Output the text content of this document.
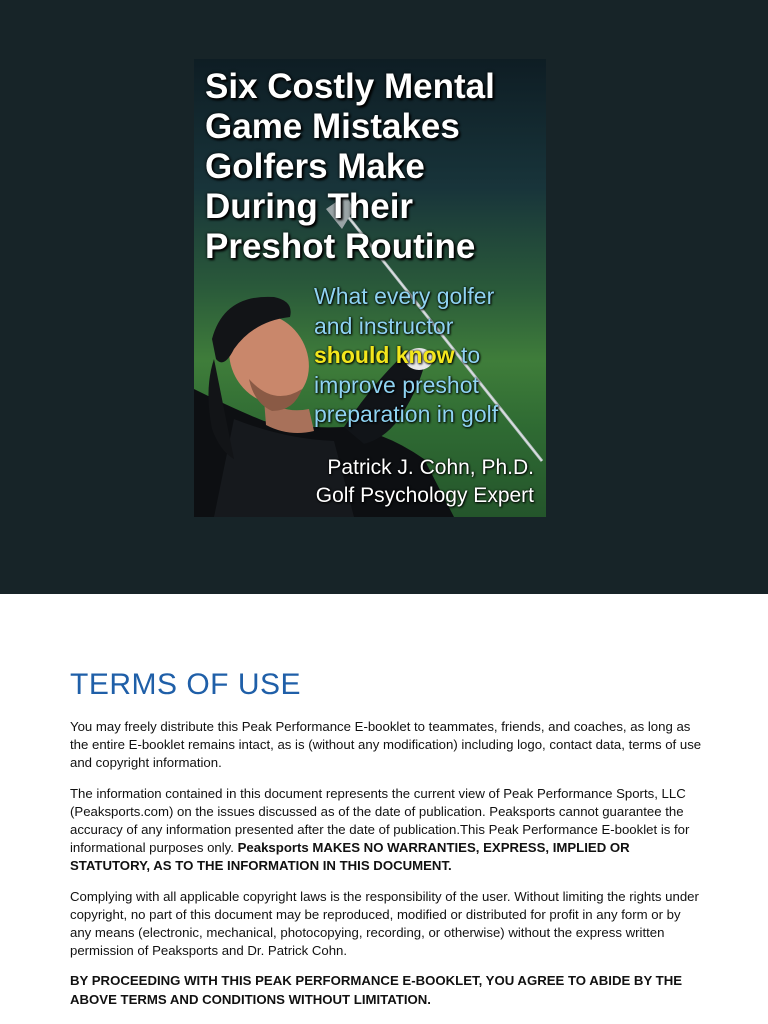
Six Costly Mental
Game Mistakes
Golfers Make
During Their
Preshot Routine
What every golfer
and instructor
should know to
improve preshot
preparation in golf
Patrick J. Cohn, Ph.D.
Golf Psychology Expert
TERMS OF USE

You may freely distribute this Peak Performance E-booklet to teammates, friends, and coaches, as long as the entire E-booklet remains intact, as is (without any modification) including logo, contact data, terms of use and copyright information.

The information contained in this document represents the current view of Peak Performance Sports, LLC (Peaksports.com) on the issues discussed as of the date of publication. Peaksports cannot guarantee the accuracy of any information presented after the date of publication.This Peak Performance E-booklet is for informational purposes only. Peaksports MAKES NO WARRANTIES, EXPRESS, IMPLIED OR STATUTORY, AS TO THE INFORMATION IN THIS DOCUMENT.

Complying with all applicable copyright laws is the responsibility of the user. Without limiting the rights under copyright, no part of this document may be reproduced, modified or distributed for profit in any form or by any means (electronic, mechanical, photocopying, recording, or otherwise) without the express written permission of Peaksports and Dr. Patrick Cohn.

BY PROCEEDING WITH THIS PEAK PERFORMANCE E-BOOKLET, YOU AGREE TO ABIDE BY THE ABOVE TERMS AND CONDITIONS WITHOUT LIMITATION.
